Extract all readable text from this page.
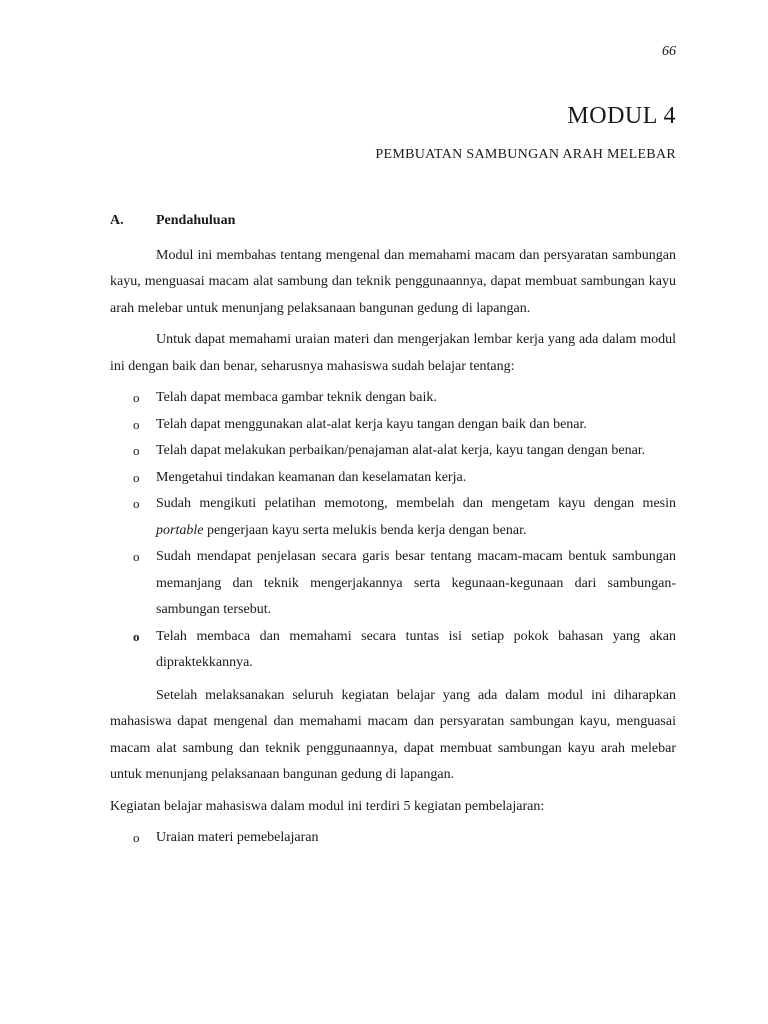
66
MODUL 4
PEMBUATAN SAMBUNGAN ARAH MELEBAR
A. Pendahuluan

Modul ini membahas tentang mengenal dan memahami macam dan persyaratan sambungan kayu, menguasai macam alat sambung dan teknik penggunaannya, dapat membuat sambungan kayu arah melebar untuk menunjang pelaksanaan bangunan gedung di lapangan.

Untuk dapat memahami uraian materi dan mengerjakan lembar kerja yang ada dalam modul ini dengan baik dan benar, seharusnya mahasiswa sudah belajar tentang:

o Telah dapat membaca gambar teknik dengan baik.
o Telah dapat menggunakan alat-alat kerja kayu tangan dengan baik dan benar.
o Telah dapat melakukan perbaikan/penajaman alat-alat kerja, kayu tangan dengan benar.
o Mengetahui tindakan keamanan dan keselamatan kerja.
o Sudah mengikuti pelatihan memotong, membelah dan mengetam kayu dengan mesin portable pengerjaan kayu serta melukis benda kerja dengan benar.
o Sudah mendapat penjelasan secara garis besar tentang macam-macam bentuk sambungan memanjang dan teknik mengerjakannya serta kegunaan-kegunaan dari sambungan-sambungan tersebut.
o Telah membaca dan memahami secara tuntas isi setiap pokok bahasan yang akan dipraktekkannya.

Setelah melaksanakan seluruh kegiatan belajar yang ada dalam modul ini diharapkan mahasiswa dapat mengenal dan memahami macam dan persyaratan sambungan kayu, menguasai macam alat sambung dan teknik penggunaannya, dapat membuat sambungan kayu arah melebar untuk menunjang pelaksanaan bangunan gedung di lapangan.

Kegiatan belajar mahasiswa dalam modul ini terdiri 5 kegiatan pembelajaran:

o Uraian materi pemebelajaran
